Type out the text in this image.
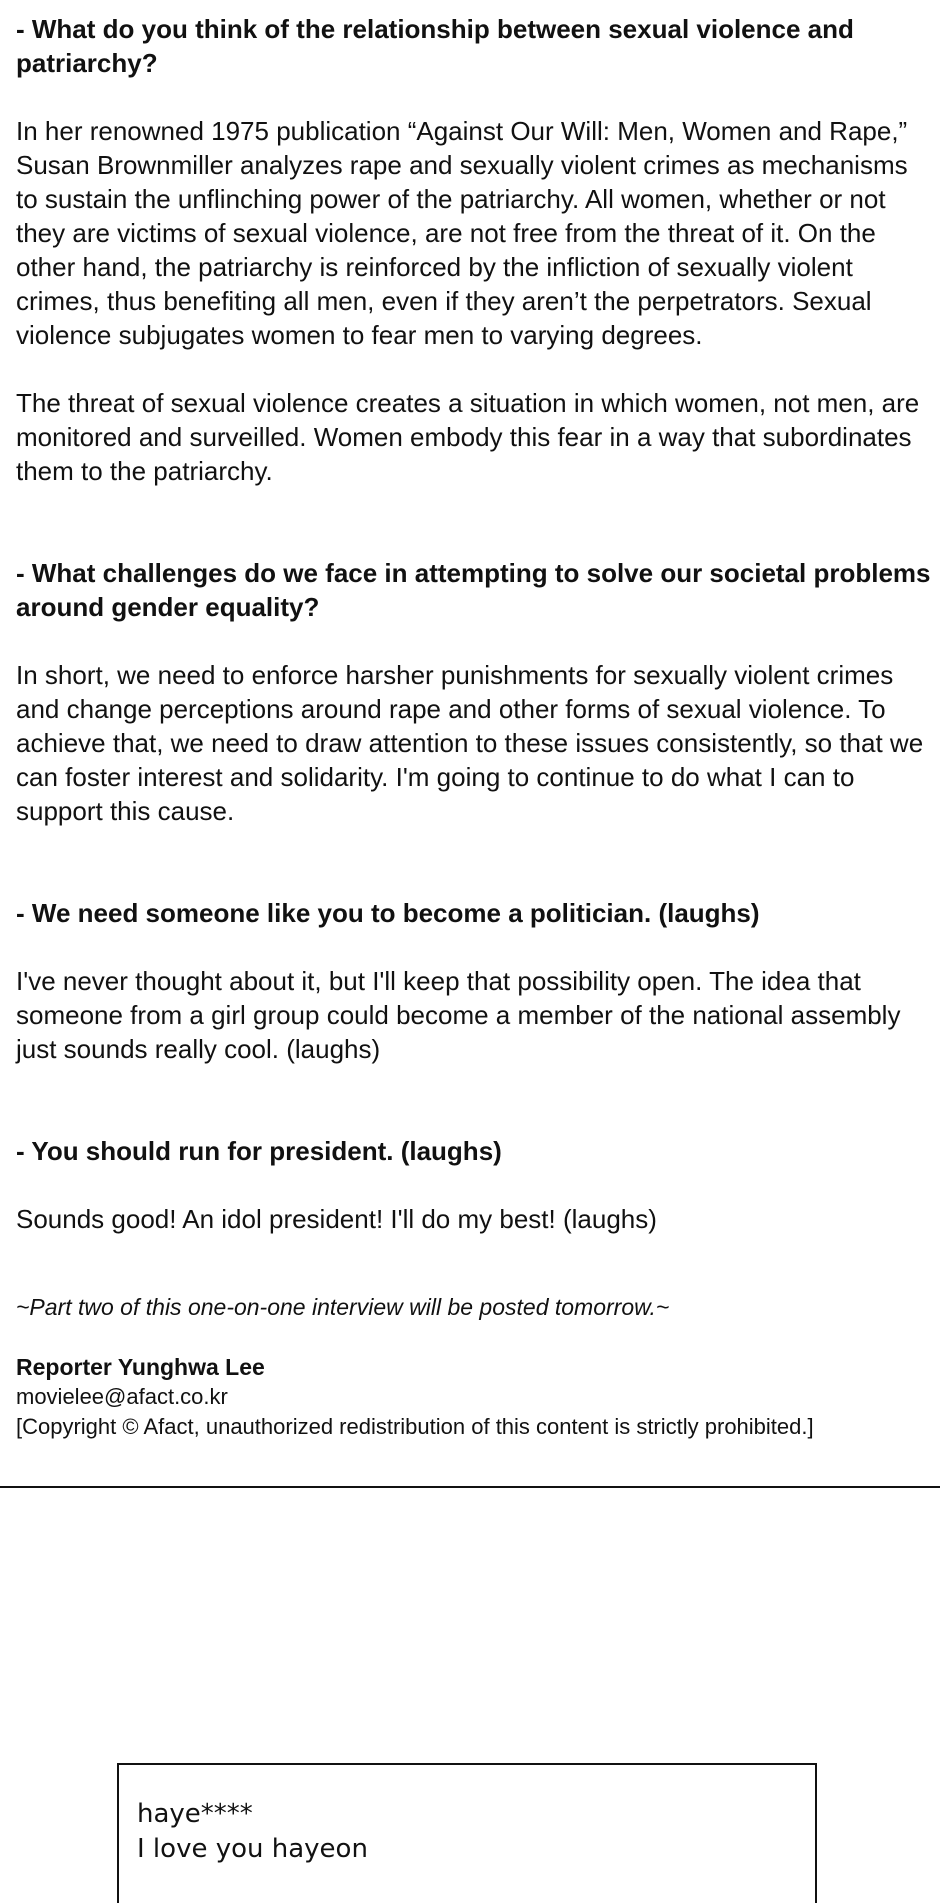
- What do you think of the relationship between sexual violence and patriarchy?

In her renowned 1975 publication “Against Our Will: Men, Women and Rape,” Susan Brownmiller analyzes rape and sexually violent crimes as mechanisms to sustain the unflinching power of the patriarchy. All women, whether or not they are victims of sexual violence, are not free from the threat of it. On the other hand, the patriarchy is reinforced by the infliction of sexually violent crimes, thus benefiting all men, even if they aren’t the perpetrators. Sexual violence subjugates women to fear men to varying degrees.

The threat of sexual violence creates a situation in which women, not men, are monitored and surveilled. Women embody this fear in a way that subordinates them to the patriarchy.

- What challenges do we face in attempting to solve our societal problems around gender equality?

In short, we need to enforce harsher punishments for sexually violent crimes and change perceptions around rape and other forms of sexual violence. To achieve that, we need to draw attention to these issues consistently, so that we can foster interest and solidarity. I'm going to continue to do what I can to support this cause.

- We need someone like you to become a politician. (laughs)

I've never thought about it, but I'll keep that possibility open. The idea that someone from a girl group could become a member of the national assembly just sounds really cool. (laughs)

- You should run for president. (laughs)

Sounds good! An idol president! I'll do my best! (laughs)

~Part two of this one-on-one interview will be posted tomorrow.~

Reporter Yunghwa Lee

movielee@afact.co.kr

[Copyright © Afact, unauthorized redistribution of this content is strictly prohibited.]

haye****

I love you hayeon
